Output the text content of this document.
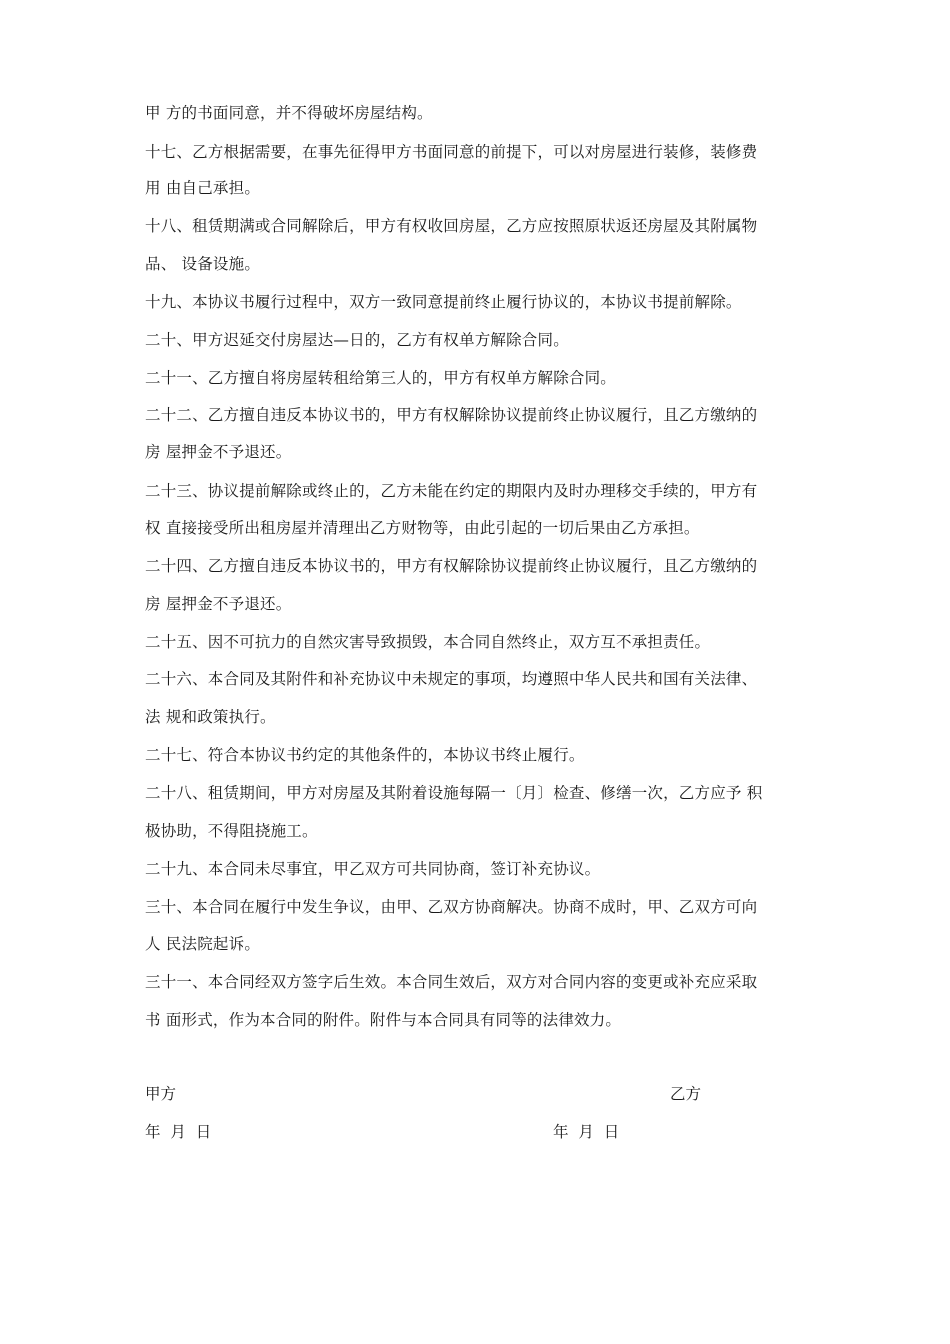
甲 方的书面同意，并不得破坏房屋结构。
十七、乙方根据需要，在事先征得甲方书面同意的前提下，可以对房屋进行装修，装修费
用 由自己承担。
十八、租赁期满或合同解除后，甲方有权收回房屋，乙方应按照原状返还房屋及其附属物
品、 设备设施。
十九、本协议书履行过程中，双方一致同意提前终止履行协议的，本协议书提前解除。
二十、甲方迟延交付房屋达—日的，乙方有权单方解除合同。
二十一、乙方擅自将房屋转租给第三人的，甲方有权单方解除合同。
二十二、乙方擅自违反本协议书的，甲方有权解除协议提前终止协议履行，且乙方缴纳的
房 屋押金不予退还。
二十三、协议提前解除或终止的，乙方未能在约定的期限内及时办理移交手续的，甲方有
权 直接接受所出租房屋并清理出乙方财物等，由此引起的一切后果由乙方承担。
二十四、乙方擅自违反本协议书的，甲方有权解除协议提前终止协议履行，且乙方缴纳的
房 屋押金不予退还。
二十五、因不可抗力的自然灾害导致损毁，本合同自然终止，双方互不承担责任。
二十六、本合同及其附件和补充协议中未规定的事项，均遵照中华人民共和国有关法律、
法 规和政策执行。
二十七、符合本协议书约定的其他条件的，本协议书终止履行。
二十八、租赁期间，甲方对房屋及其附着设施每隔一〔月〕检查、修缮一次，乙方应予 积
极协助，不得阻挠施工。
二十九、本合同未尽事宜，甲乙双方可共同协商，签订补充协议。
三十、本合同在履行中发生争议，由甲、乙双方协商解决。协商不成时，甲、乙双方可向
人 民法院起诉。
三十一、本合同经双方签字后生效。本合同生效后，双方对合同内容的变更或补充应采取
书 面形式，作为本合同的附件。附件与本合同具有同等的法律效力。
甲方	乙方
年  月  日	年  月  日
